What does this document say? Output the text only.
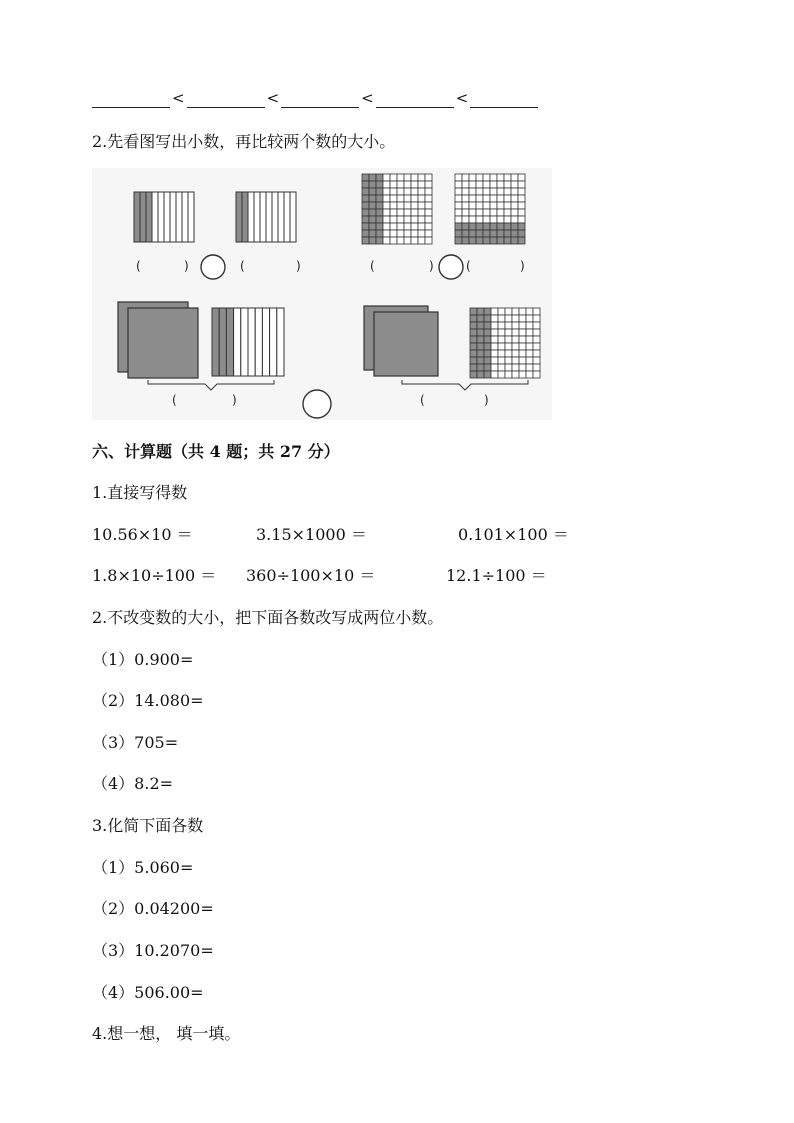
<	<	<	<
2.先看图写出小数，再比较两个数的大小。
(	)	(	)	(	)	(	)
(	)	(	)
六、计算题（共 4 题；共 27 分）
1.直接写得数
10.56×10 ＝	3.15×1000 ＝	0.101×100 ＝
1.8×10÷100 ＝ 360÷100×10 ＝	12.1÷100 ＝
2.不改变数的大小，把下面各数改写成两位小数。
（1）0.900=
（2）14.080=
（3）705=
（4）8.2=
3.化简下面各数
（1）5.060=
（2）0.04200=
（3）10.2070=
（4）506.00=
4.想一想， 填一填。
